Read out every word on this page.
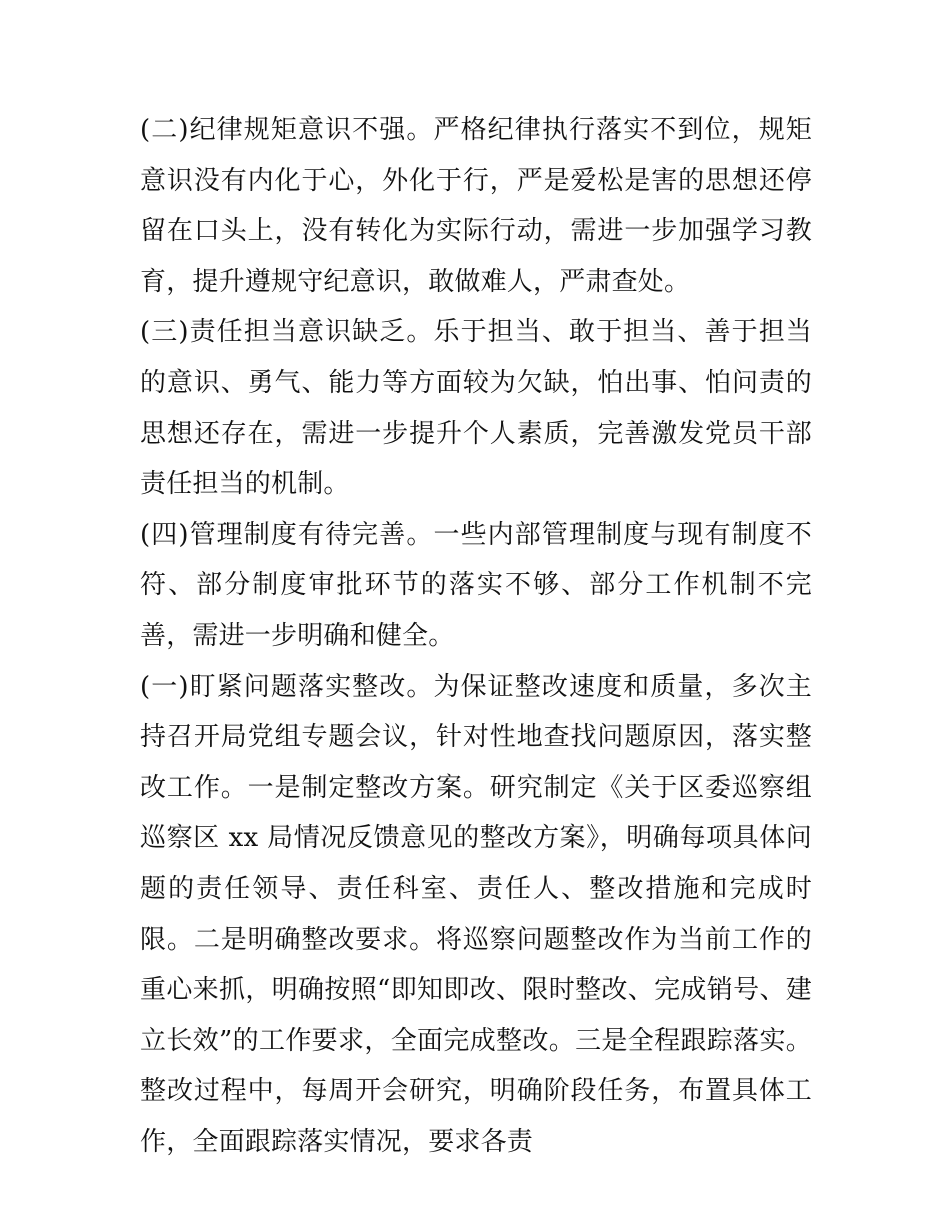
(二)纪律规矩意识不强。严格纪律执行落实不到位，规矩意识没有内化于心，外化于行，严是爱松是害的思想还停留在口头上，没有转化为实际行动，需进一步加强学习教育，提升遵规守纪意识，敢做难人，严肃查处。

(三)责任担当意识缺乏。乐于担当、敢于担当、善于担当的意识、勇气、能力等方面较为欠缺，怕出事、怕问责的思想还存在，需进一步提升个人素质，完善激发党员干部责任担当的机制。

(四)管理制度有待完善。一些内部管理制度与现有制度不符、部分制度审批环节的落实不够、部分工作机制不完善，需进一步明确和健全。

(一)盯紧问题落实整改。为保证整改速度和质量，多次主持召开局党组专题会议，针对性地查找问题原因，落实整改工作。一是制定整改方案。研究制定《关于区委巡察组巡察区 xx 局情况反馈意见的整改方案》，明确每项具体问题的责任领导、责任科室、责任人、整改措施和完成时限。二是明确整改要求。将巡察问题整改作为当前工作的重心来抓，明确按照“即知即改、限时整改、完成销号、建立长效”的工作要求，全面完成整改。三是全程跟踪落实。整改过程中，每周开会研究，明确阶段任务，布置具体工作，全面跟踪落实情况，要求各责
